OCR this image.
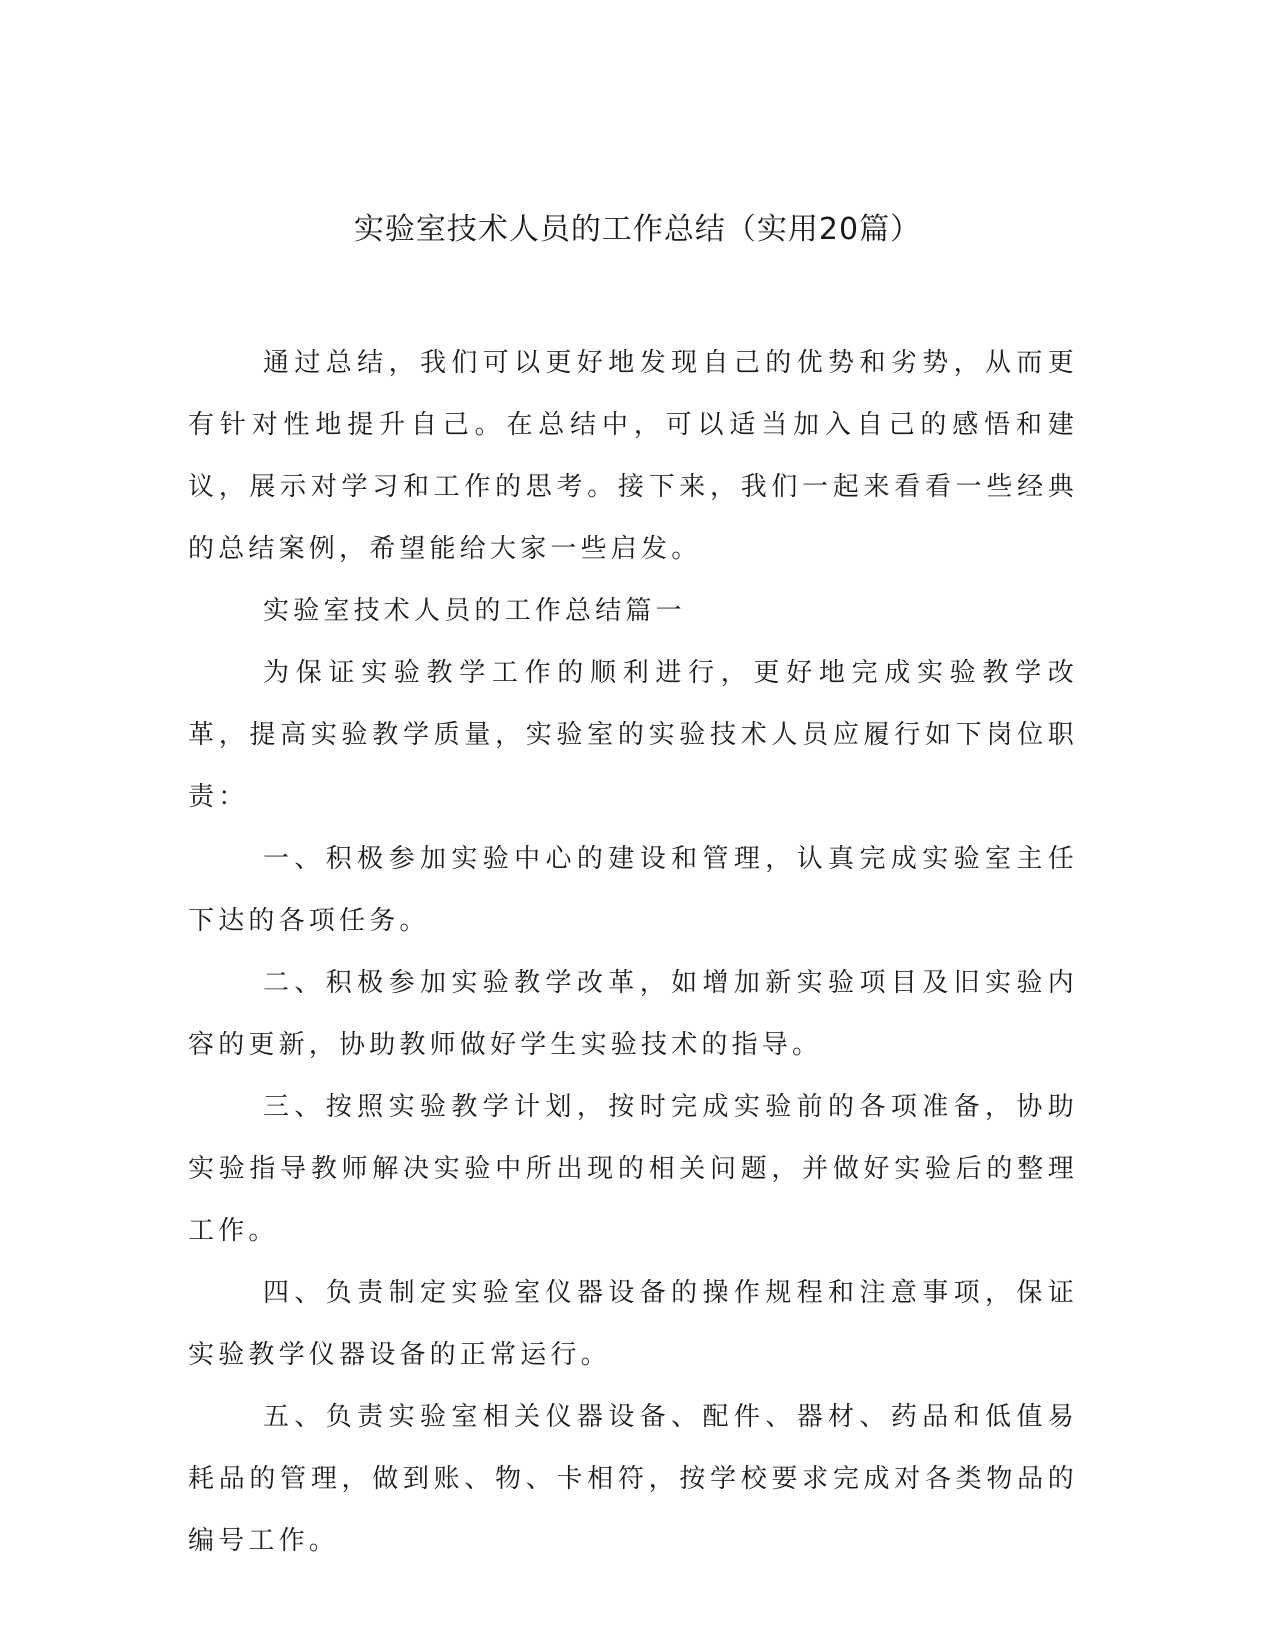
实验室技术人员的工作总结（实用20篇）

通过总结，我们可以更好地发现自己的优势和劣势，从而更有针对性地提升自己。在总结中，可以适当加入自己的感悟和建议，展示对学习和工作的思考。接下来，我们一起来看看一些经典的总结案例，希望能给大家一些启发。

实验室技术人员的工作总结篇一

为保证实验教学工作的顺利进行，更好地完成实验教学改革，提高实验教学质量，实验室的实验技术人员应履行如下岗位职责：

一、积极参加实验中心的建设和管理，认真完成实验室主任下达的各项任务。

二、积极参加实验教学改革，如增加新实验项目及旧实验内容的更新，协助教师做好学生实验技术的指导。

三、按照实验教学计划，按时完成实验前的各项准备，协助实验指导教师解决实验中所出现的相关问题，并做好实验后的整理工作。

四、负责制定实验室仪器设备的操作规程和注意事项，保证实验教学仪器设备的正常运行。

五、负责实验室相关仪器设备、配件、器材、药品和低值易耗品的管理，做到账、物、卡相符，按学校要求完成对各类物品的编号工作。
